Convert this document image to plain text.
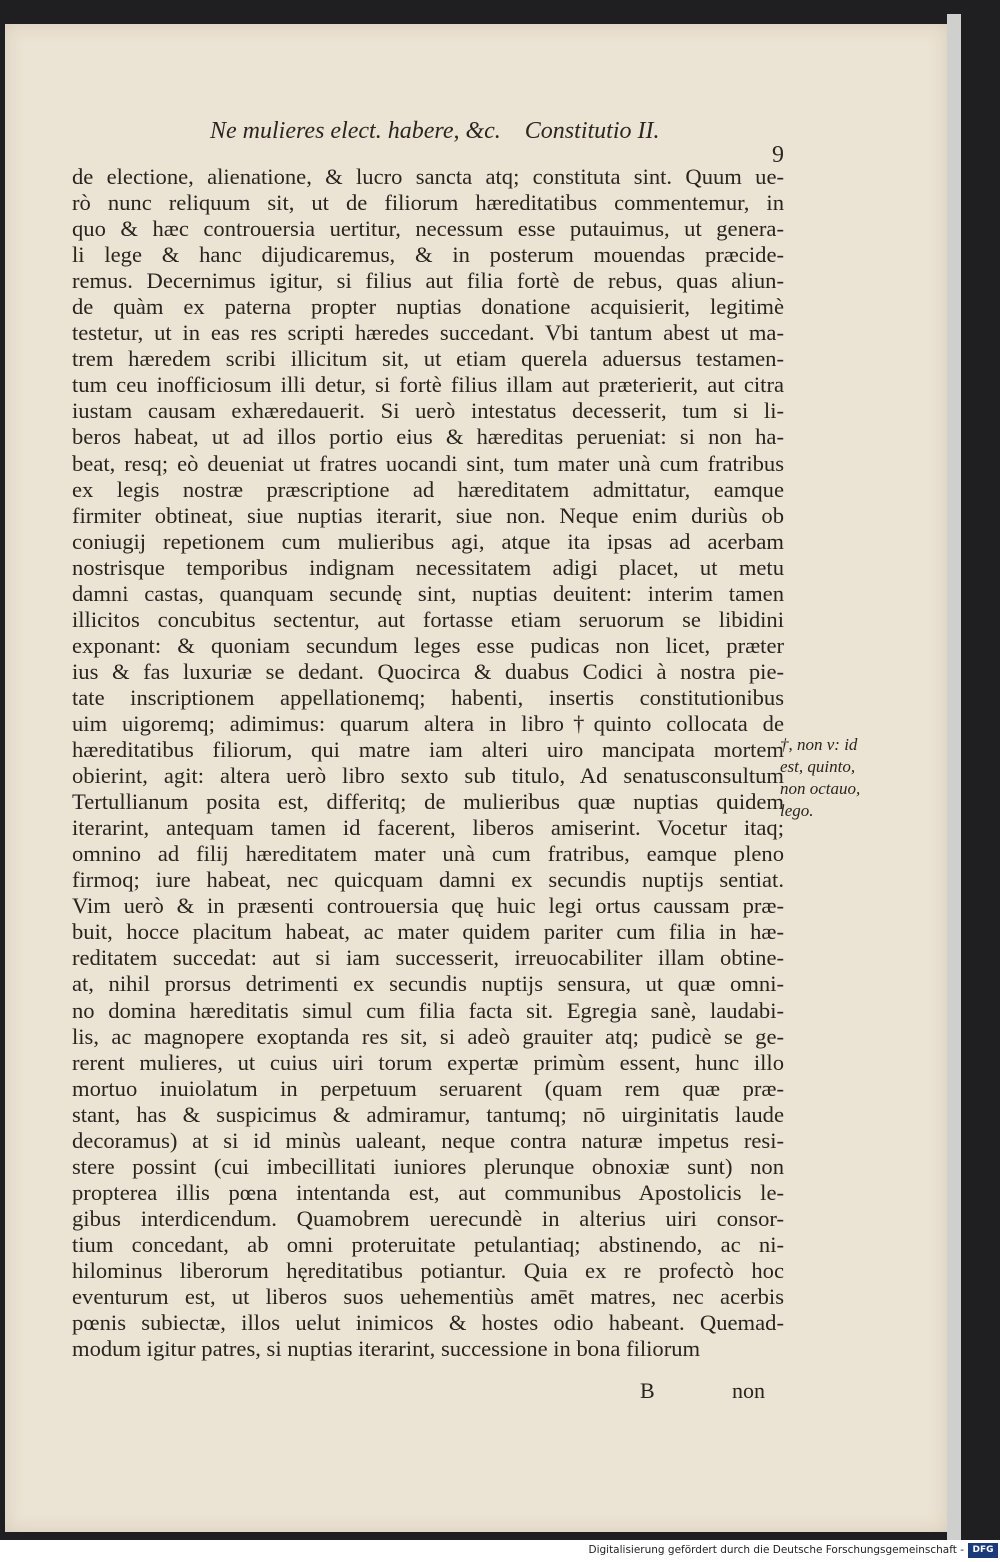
Ne mulieres elect. habere, &c. Constitutio II.
9
de electione, alienatione, & lucro sancta atq; constituta sint. Quum ue-
rò nunc reliquum sit, ut de filiorum hæreditatibus commentemur, in
quo & hæc controuersia uertitur, necessum esse putauimus, ut genera-
li lege & hanc dijudicaremus, & in posterum mouendas præcide-
remus. Decernimus igitur, si filius aut filia fortè de rebus, quas aliun-
de quàm ex paterna propter nuptias donatione acquisierit, legitimè
testetur, ut in eas res scripti hæredes succedant. Vbi tantum abest ut ma-
trem hæredem scribi illicitum sit, ut etiam querela aduersus testamen-
tum ceu inofficiosum illi detur, si fortè filius illam aut præterierit, aut citra
iustam causam exhæredauerit. Si uerò intestatus decesserit, tum si li-
beros habeat, ut ad illos portio eius & hæreditas perueniat: si non ha-
beat, resq; eò deueniat ut fratres uocandi sint, tum mater unà cum fratribus
ex legis nostræ præscriptione ad hæreditatem admittatur, eamque
firmiter obtineat, siue nuptias iterarit, siue non. Neque enim duriùs ob
coniugij repetionem cum mulieribus agi, atque ita ipsas ad acerbam
nostrisque temporibus indignam necessitatem adigi placet, ut metu
damni castas, quanquam secundę sint, nuptias deuitent: interim tamen
illicitos concubitus sectentur, aut fortasse etiam seruorum se libidini
exponant: & quoniam secundum leges esse pudicas non licet, præter
ius & fas luxuriæ se dedant. Quocirca & duabus Codici à nostra pie-
tate inscriptionem appellationemq; habenti, insertis constitutionibus
uim uigoremq; adimimus: quarum altera in libro†quinto collocata de
hæreditatibus filiorum, qui matre iam alteri uiro mancipata mortem
obierint, agit: altera uerò libro sexto sub titulo, Ad senatusconsultum
Tertullianum posita est, differitq; de mulieribus quæ nuptias quidem
iterarint, antequam tamen id facerent, liberos amiserint. Vocetur itaq;
omnino ad filij hæreditatem mater unà cum fratribus, eamque pleno
firmoq; iure habeat, nec quicquam damni ex secundis nuptijs sentiat.
Vim uerò & in præsenti controuersia quę huic legi ortus caussam præ-
buit, hocce placitum habeat, ac mater quidem pariter cum filia in hæ-
reditatem succedat: aut si iam successerit, irreuocabiliter illam obtine-
at, nihil prorsus detrimenti ex secundis nuptijs sensura, ut quæ omni-
no domina hæreditatis simul cum filia facta sit. Egregia sanè, laudabi-
lis, ac magnopere exoptanda res sit, si adeò grauiter atq; pudicè se ge-
rerent mulieres, ut cuius uiri torum expertæ primùm essent, hunc illo
mortuo inuiolatum in perpetuum seruarent (quam rem quæ præ-
stant, has & suspicimus & admiramur, tantumq; nō uirginitatis laude
decoramus) at si id minùs ualeant, neque contra naturæ impetus resi-
stere possint (cui imbecillitati iuniores plerunque obnoxiæ sunt) non
propterea illis pœna intentanda est, aut communibus Apostolicis le-
gibus interdicendum. Quamobrem uerecundè in alterius uiri consor-
tium concedant, ab omni proteruitate petulantiaq; abstinendo, ac ni-
hilominus liberorum hęreditatibus potiantur. Quia ex re profectò hoc
eventurum est, ut liberos suos uehementiùs amēt matres, nec acerbis
pœnis subiectæ, illos uelut inimicos & hostes odio habeant. Quemad-
modum igitur patres, si nuptias iterarint, successione in bona filiorum
†, non v: id
est, quinto,
non octauo,
lego.
B	non
Digitalisierung gefördert durch die Deutsche Forschungsgemeinschaft - DFG
